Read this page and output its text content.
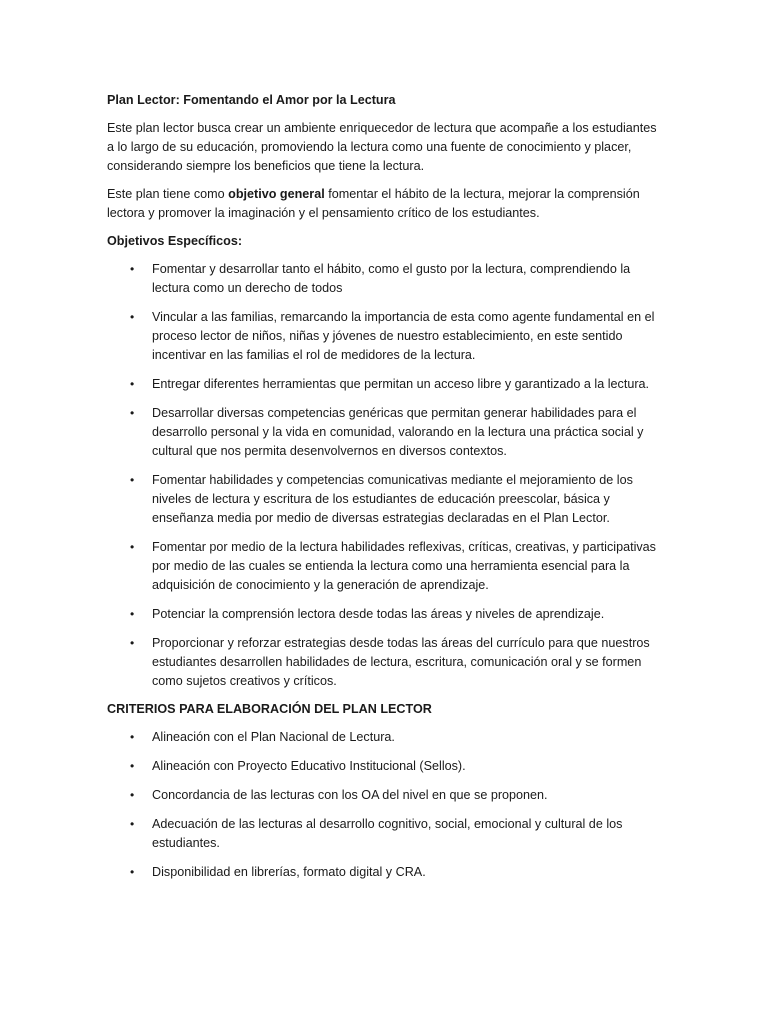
Plan Lector: Fomentando el Amor por la Lectura

Este plan lector busca crear un ambiente enriquecedor de lectura que acompañe a los estudiantes a lo largo de su educación, promoviendo la lectura como una fuente de conocimiento y placer, considerando siempre los beneficios que tiene la lectura.

Este plan tiene como objetivo general fomentar el hábito de la lectura, mejorar la comprensión lectora y promover la imaginación y el pensamiento crítico de los estudiantes.

Objetivos Específicos:

• Fomentar y desarrollar tanto el hábito, como el gusto por la lectura, comprendiendo la lectura como un derecho de todos
• Vincular a las familias, remarcando la importancia de esta como agente fundamental en el proceso lector de niños, niñas y jóvenes de nuestro establecimiento, en este sentido incentivar en las familias el rol de medidores de la lectura.
• Entregar diferentes herramientas que permitan un acceso libre y garantizado a la lectura.
• Desarrollar diversas competencias genéricas que permitan generar habilidades para el desarrollo personal y la vida en comunidad, valorando en la lectura una práctica social y cultural que nos permita desenvolvernos en diversos contextos.
• Fomentar habilidades y competencias comunicativas mediante el mejoramiento de los niveles de lectura y escritura de los estudiantes de educación preescolar, básica y enseñanza media por medio de diversas estrategias declaradas en el Plan Lector.
• Fomentar por medio de la lectura habilidades reflexivas, críticas, creativas, y participativas por medio de las cuales se entienda la lectura como una herramienta esencial para la adquisición de conocimiento y la generación de aprendizaje.
• Potenciar la comprensión lectora desde todas las áreas y niveles de aprendizaje.
• Proporcionar y reforzar estrategias desde todas las áreas del currículo para que nuestros estudiantes desarrollen habilidades de lectura, escritura, comunicación oral y se formen como sujetos creativos y críticos.

CRITERIOS PARA ELABORACIÓN DEL PLAN LECTOR

• Alineación con el Plan Nacional de Lectura.
• Alineación con Proyecto Educativo Institucional (Sellos).
• Concordancia de las lecturas con los OA del nivel en que se proponen.
• Adecuación de las lecturas al desarrollo cognitivo, social, emocional y cultural de los estudiantes.
• Disponibilidad en librerías, formato digital y CRA.
